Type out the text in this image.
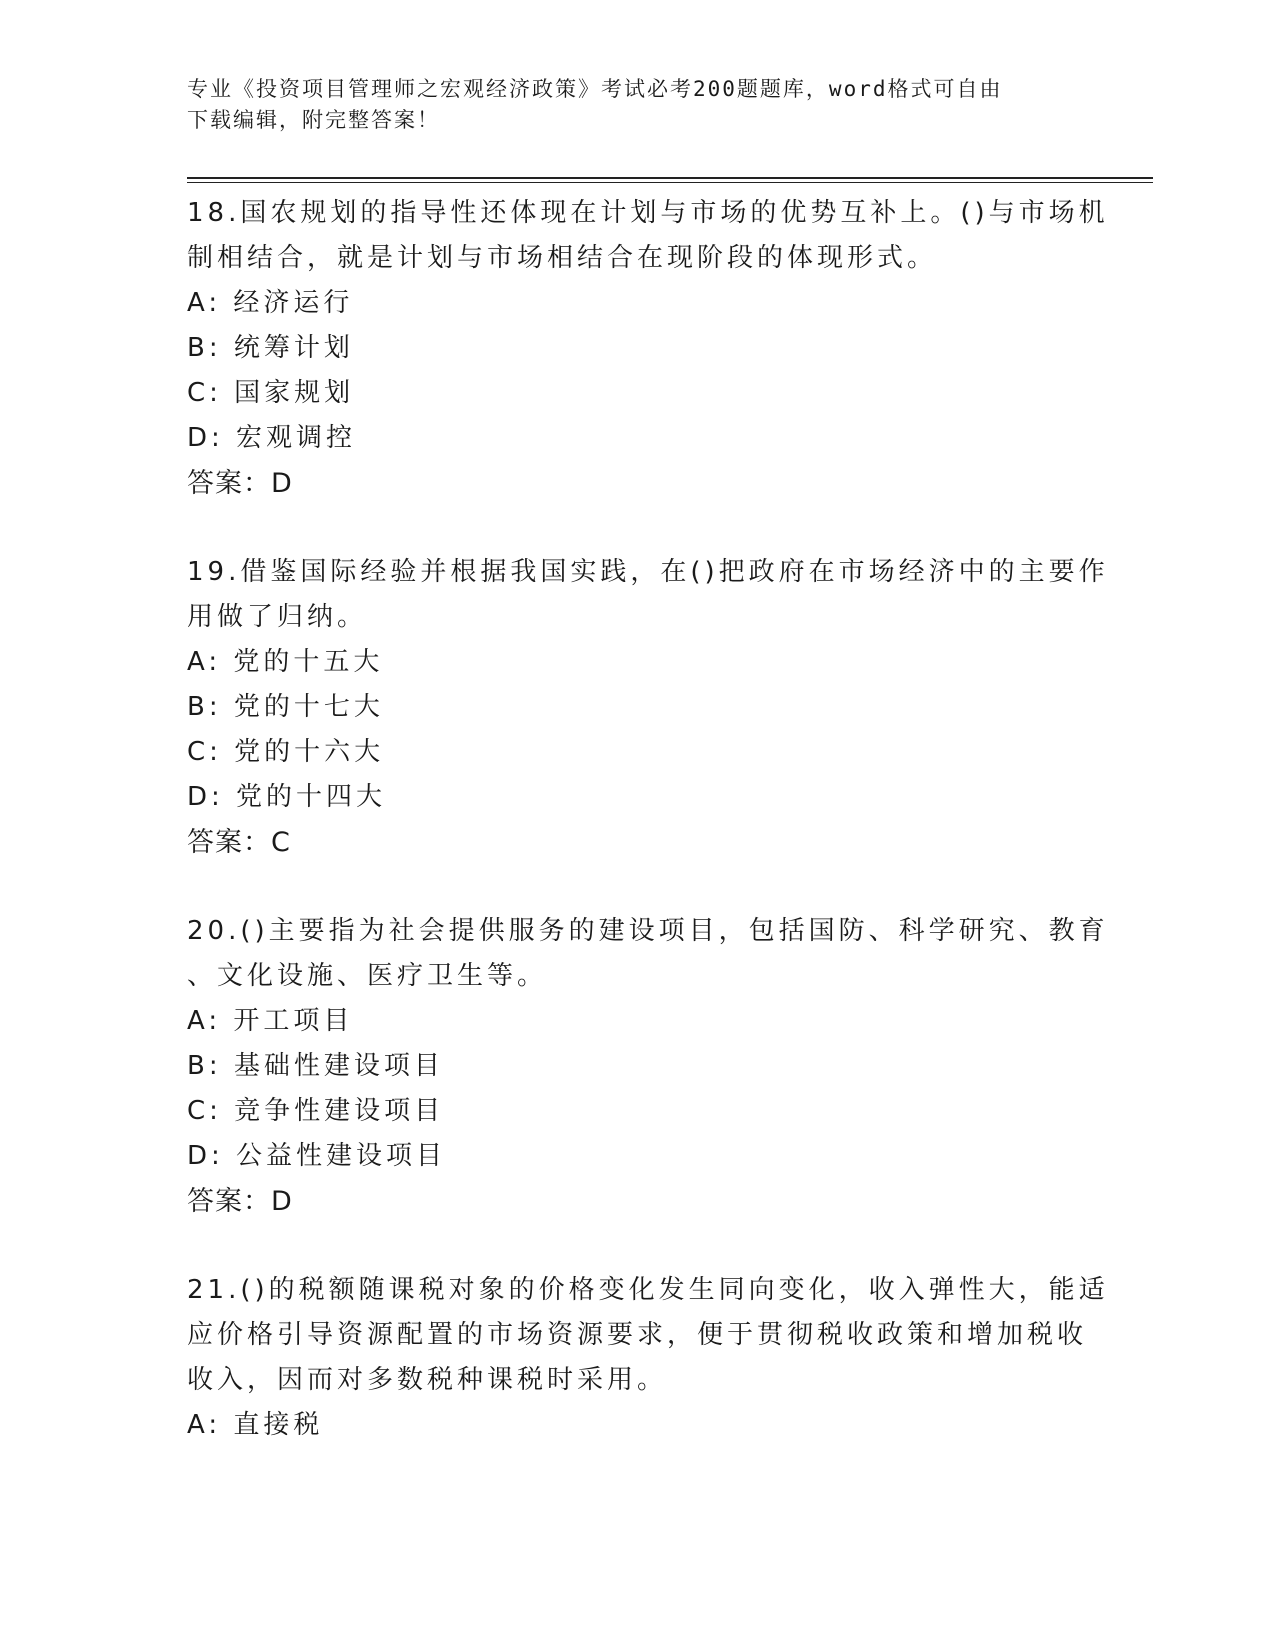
专业《投资项目管理师之宏观经济政策》考试必考200题题库，word格式可自由
下载编辑，附完整答案！
18.国农规划的指导性还体现在计划与市场的优势互补上。()与市场机
制相结合，就是计划与市场相结合在现阶段的体现形式。
A: 经济运行
B: 统筹计划
C: 国家规划
D: 宏观调控
答案：D
19.借鉴国际经验并根据我国实践，在()把政府在市场经济中的主要作
用做了归纳。
A: 党的十五大
B: 党的十七大
C: 党的十六大
D: 党的十四大
答案：C
20.()主要指为社会提供服务的建设项目，包括国防、科学研究、教育
、文化设施、医疗卫生等。
A: 开工项目
B: 基础性建设项目
C: 竞争性建设项目
D: 公益性建设项目
答案：D
21.()的税额随课税对象的价格变化发生同向变化，收入弹性大，能适
应价格引导资源配置的市场资源要求，便于贯彻税收政策和增加税收
收入，因而对多数税种课税时采用。
A: 直接税
